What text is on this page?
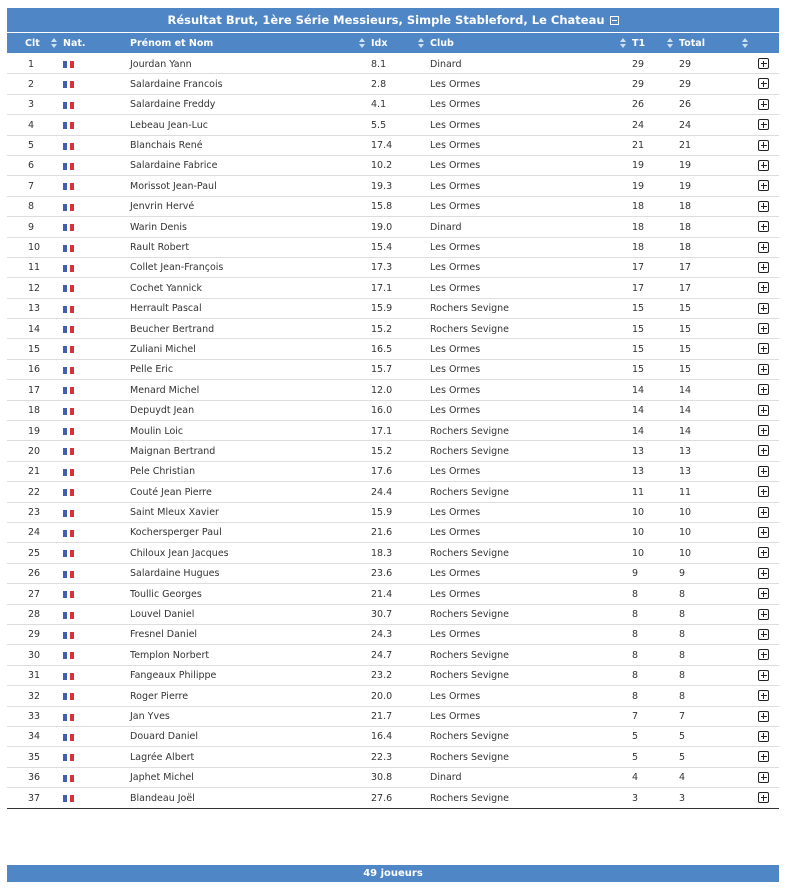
Résultat Brut, 1ère Série Messieurs, Simple Stableford, Le Chateau
Clt Nat.	Prénom et Nom	Idx	Club	T1	Total
1	Jourdan Yann	8.1	Dinard	29	29
2	Salardaine Francois	2.8	Les Ormes	29	29
3	Salardaine Freddy	4.1	Les Ormes	26	26
4	Lebeau Jean-Luc	5.5	Les Ormes	24	24
5	Blanchais René	17.4	Les Ormes	21	21
6	Salardaine Fabrice	10.2	Les Ormes	19	19
7	Morissot Jean-Paul	19.3	Les Ormes	19	19
8	Jenvrin Hervé	15.8	Les Ormes	18	18
9	Warin Denis	19.0	Dinard	18	18
10	Rault Robert	15.4	Les Ormes	18	18
11	Collet Jean-François	17.3	Les Ormes	17	17
12	Cochet Yannick	17.1	Les Ormes	17	17
13	Herrault Pascal	15.9	Rochers Sevigne	15	15
14	Beucher Bertrand	15.2	Rochers Sevigne	15	15
15	Zuliani Michel	16.5	Les Ormes	15	15
16	Pelle Eric	15.7	Les Ormes	15	15
17	Menard Michel	12.0	Les Ormes	14	14
18	Depuydt Jean	16.0	Les Ormes	14	14
19	Moulin Loic	17.1	Rochers Sevigne	14	14
20	Maignan Bertrand	15.2	Rochers Sevigne	13	13
21	Pele Christian	17.6	Les Ormes	13	13
22	Couté Jean Pierre	24.4	Rochers Sevigne	11	11
23	Saint Mleux Xavier	15.9	Les Ormes	10	10
24	Kochersperger Paul	21.6	Les Ormes	10	10
25	Chiloux Jean Jacques	18.3	Rochers Sevigne	10	10
26	Salardaine Hugues	23.6	Les Ormes	9	9
27	Toullic Georges	21.4	Les Ormes	8	8
28	Louvel Daniel	30.7	Rochers Sevigne	8	8
29	Fresnel Daniel	24.3	Les Ormes	8	8
30	Templon Norbert	24.7	Rochers Sevigne	8	8
31	Fangeaux Philippe	23.2	Rochers Sevigne	8	8
32	Roger Pierre	20.0	Les Ormes	8	8
33	Jan Yves	21.7	Les Ormes	7	7
34	Douard Daniel	16.4	Rochers Sevigne	5	5
35	Lagrée Albert	22.3	Rochers Sevigne	5	5
36	Japhet Michel	30.8	Dinard	4	4
37	Blandeau Joël	27.6	Rochers Sevigne	3	3
49 joueurs
